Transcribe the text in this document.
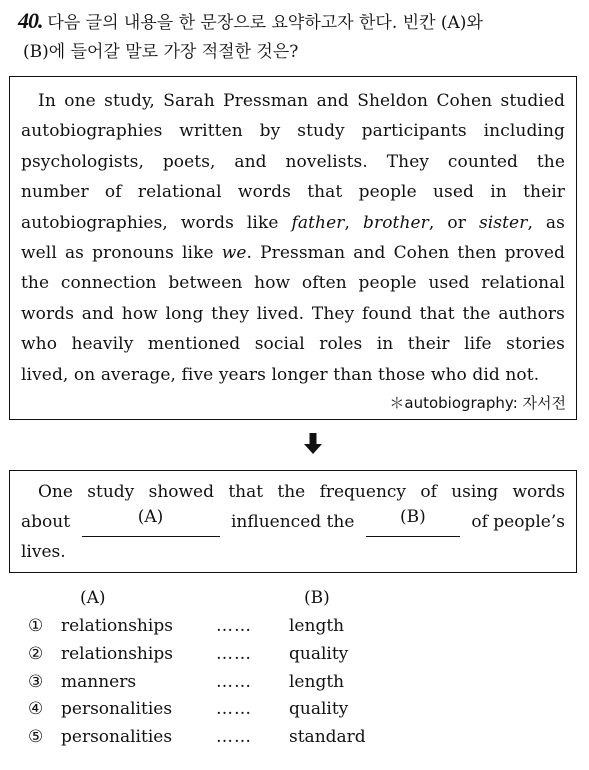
40. 다음 글의 내용을 한 문장으로 요약하고자 한다. 빈칸 (A)와
(B)에 들어갈 말로 가장 적절한 것은?

In one study, Sarah Pressman and Sheldon Cohen studied
autobiographies written by study participants including
psychologists, poets, and novelists. They counted the
number of relational words that people used in their
autobiographies, words like father, brother, or sister, as
well as pronouns like we. Pressman and Cohen then proved
the connection between how often people used relational
words and how long they lived. They found that the authors
who heavily mentioned social roles in their life stories
lived, on average, five years longer than those who did not.

＊autobiography: 자서전

One study showed that the frequency of using words
about	(A)	influenced the	(B)	of people’s
lives.

(A)	(B)
①	relationships	…… length
②	relationships	…… quality
③	manners	…… length
④	personalities	…… quality
⑤	personalities	…… standard
